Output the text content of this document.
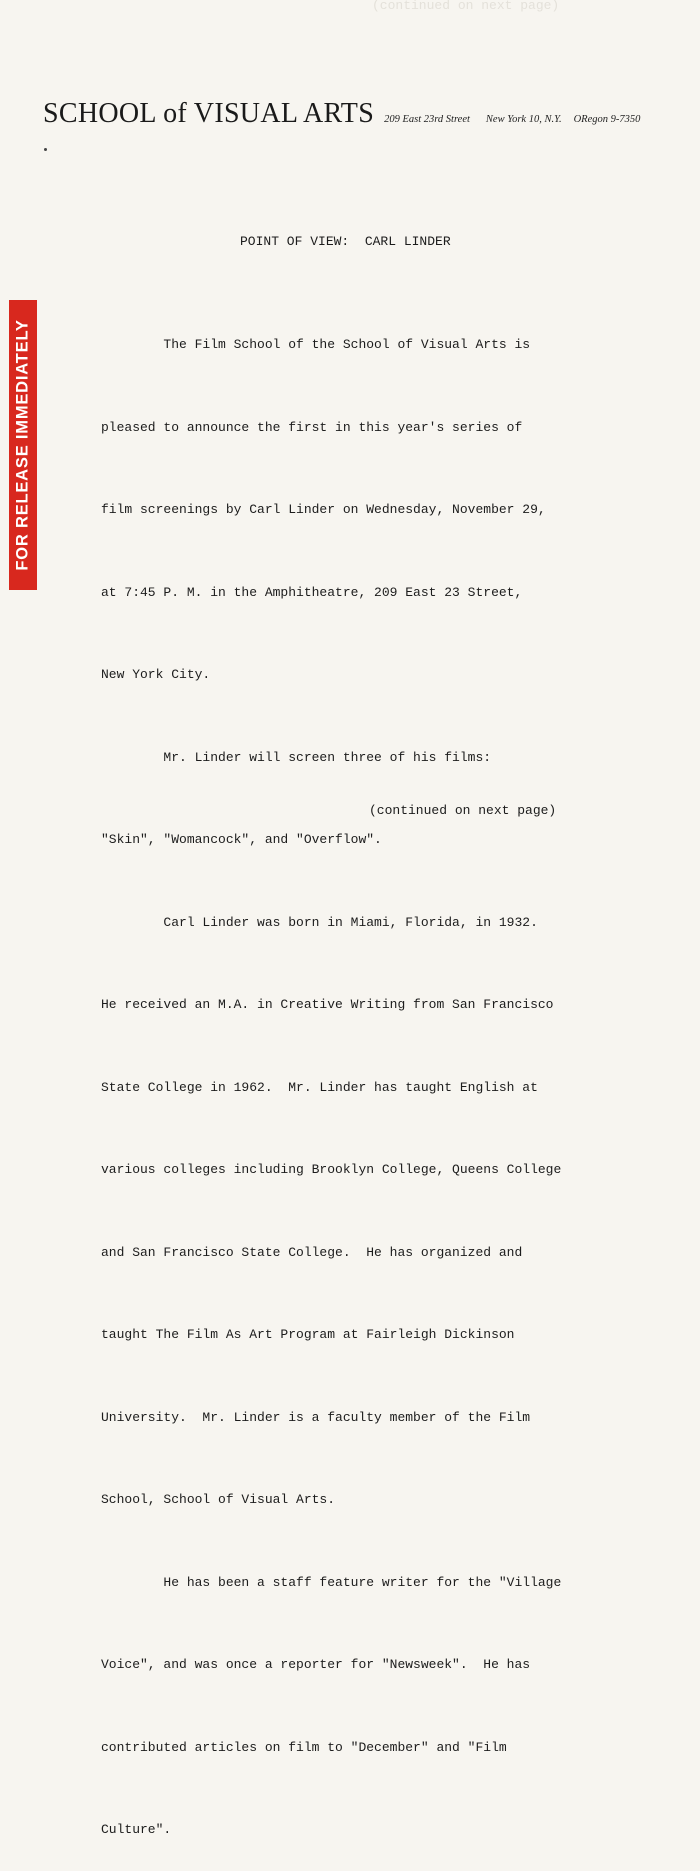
(continued on next page)
SCHOOL of VISUAL ARTS 209 East 23rd Street New York 10, N.Y. ORegon 9-7350
FOR RELEASE IMMEDIATELY
POINT OF VIEW:  CARL LINDER

The Film School of the School of Visual Arts is

pleased to announce the first in this year's series of

film screenings by Carl Linder on Wednesday, November 29,

at 7:45 P. M. in the Amphitheatre, 209 East 23 Street,

New York City.

Mr. Linder will screen three of his films:

"Skin", "Womancock", and "Overflow".

Carl Linder was born in Miami, Florida, in 1932.

He received an M.A. in Creative Writing from San Francisco

State College in 1962.  Mr. Linder has taught English at

various colleges including Brooklyn College, Queens College

and San Francisco State College.  He has organized and

taught The Film As Art Program at Fairleigh Dickinson

University.  Mr. Linder is a faculty member of the Film

School, School of Visual Arts.

He has been a staff feature writer for the "Village

Voice", and was once a reporter for "Newsweek".  He has

contributed articles on film to "December" and "Film

Culture".

(continued on next page)
